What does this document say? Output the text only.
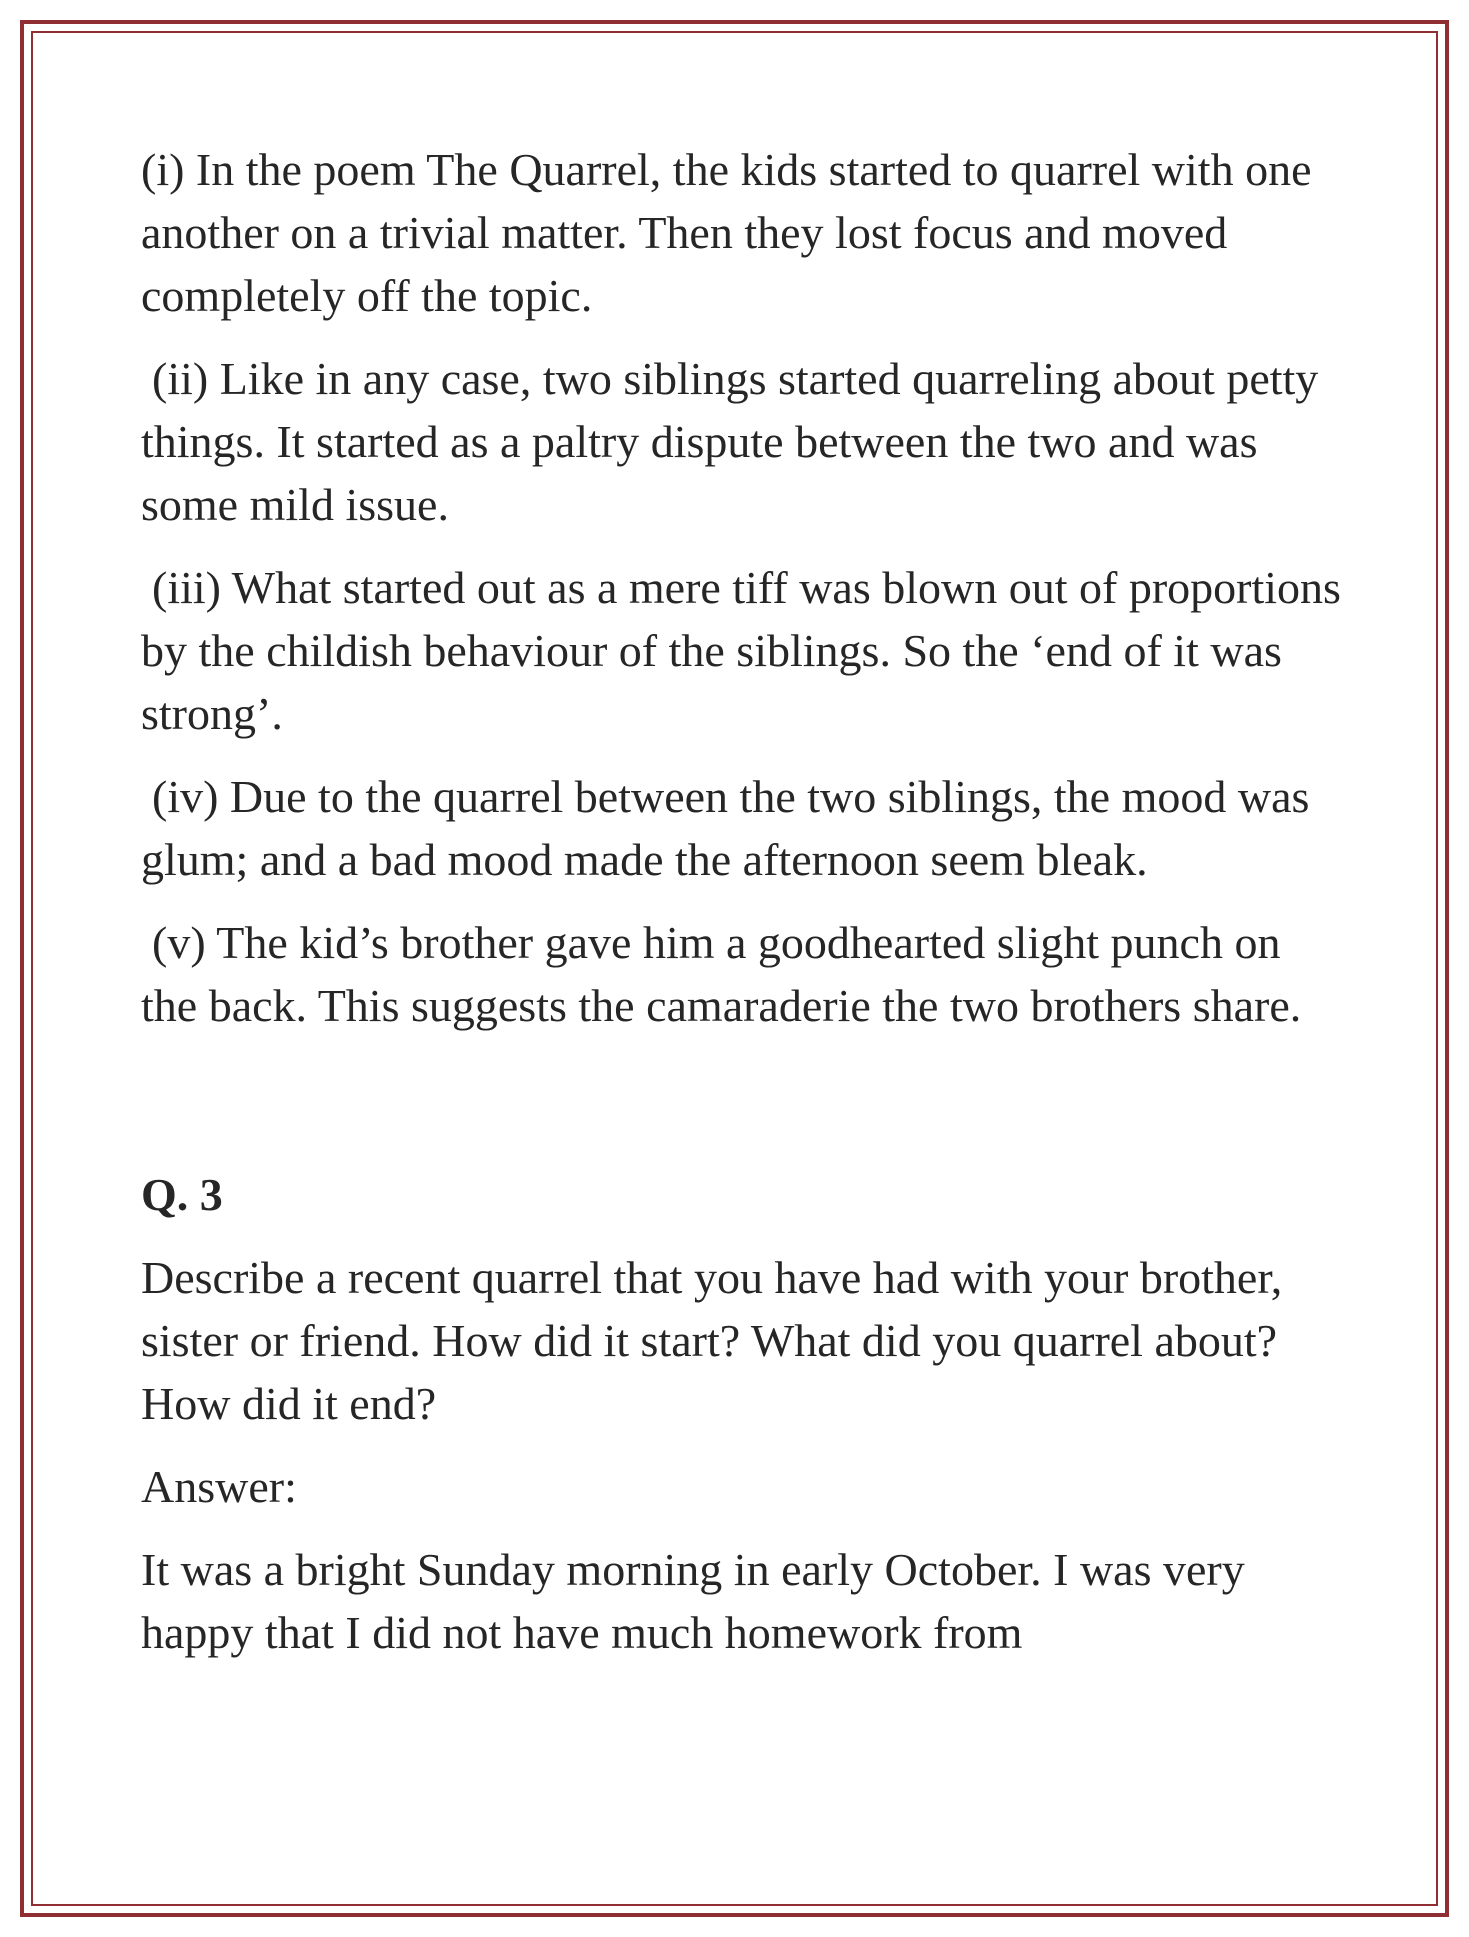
(i) In the poem The Quarrel, the kids started to quarrel with one another on a trivial matter. Then they lost focus and moved completely off the topic.

(ii) Like in any case, two siblings started quarreling about petty things. It started as a paltry dispute between the two and was some mild issue.

(iii) What started out as a mere tiff was blown out of proportions by the childish behaviour of the siblings. So the ‘end of it was strong’.

(iv) Due to the quarrel between the two siblings, the mood was glum; and a bad mood made the afternoon seem bleak.

(v) The kid’s brother gave him a goodhearted slight punch on the back. This suggests the camaraderie the two brothers share.

Q. 3

Describe a recent quarrel that you have had with your brother, sister or friend. How did it start? What did you quarrel about? How did it end?

Answer:

It was a bright Sunday morning in early October. I was very happy that I did not have much homework from
